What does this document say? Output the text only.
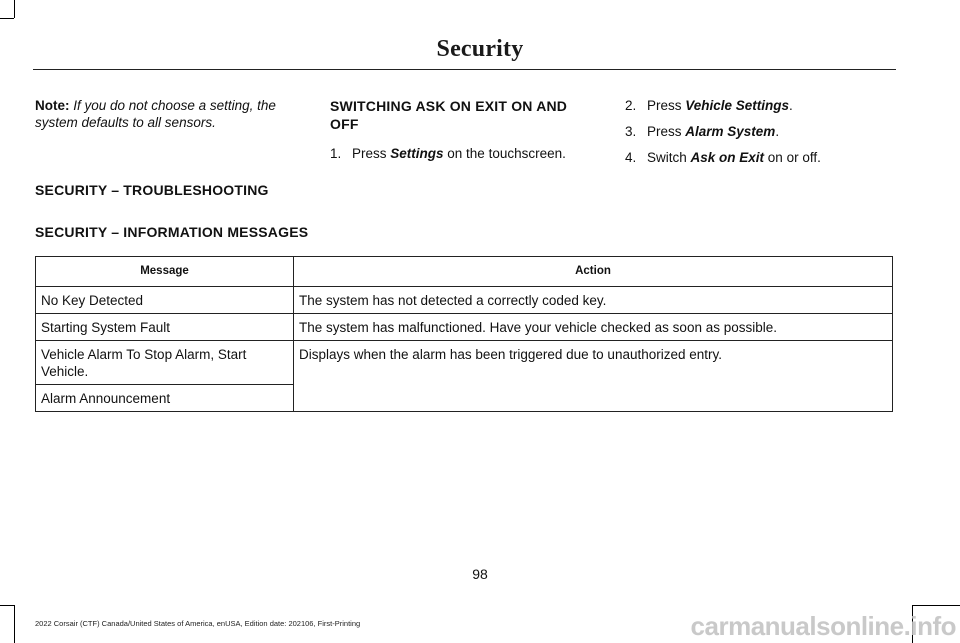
Security

Note: If you do not choose a setting, the system defaults to all sensors.

SWITCHING ASK ON EXIT ON AND OFF
1. Press Settings on the touchscreen.
2. Press Vehicle Settings.
3. Press Alarm System.
4. Switch Ask on Exit on or off.
SECURITY – TROUBLESHOOTING
SECURITY – INFORMATION MESSAGES
Message	Action
No Key Detected	The system has not detected a correctly coded key.
Starting System Fault	The system has malfunctioned. Have your vehicle checked as soon as possible.
Vehicle Alarm To Stop Alarm, Start Vehicle.	Displays when the alarm has been triggered due to unauthorized entry.
Alarm Announcement	
98
2022 Corsair (CTF) Canada/United States of America, enUSA, Edition date: 202106, First-Printing	carmanualsonline.info
